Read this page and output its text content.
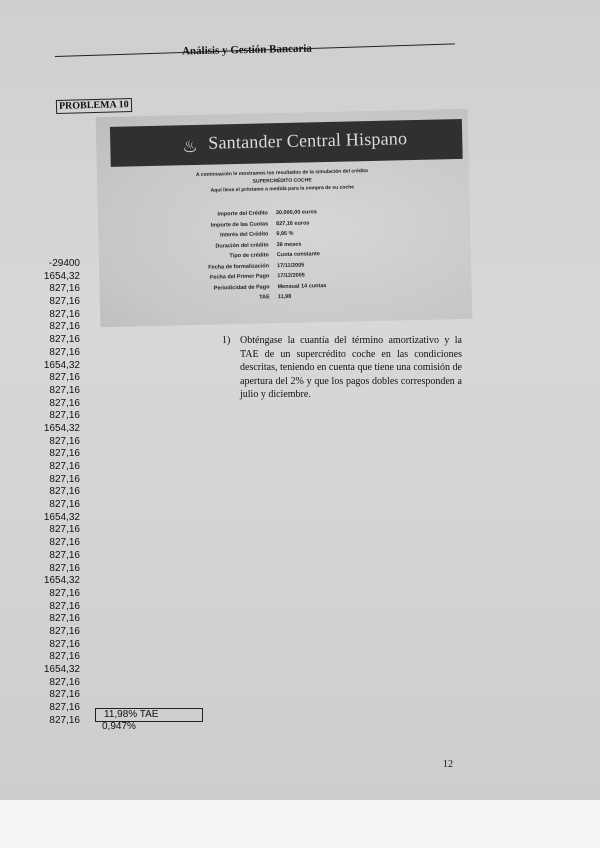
Análisis y Gestión Bancaria
PROBLEMA 10
♨ Santander Central Hispano
A continuación le mostramos los resultados de la simulación del crédito
SUPERCRÉDITO COCHE
Aquí lleva el préstamo a medida para la compra de su coche
Importe del Crédito 30.000,00 euros
Importe de las Cuotas 827,16 euros
Interés del Crédito 9,95 %
Duración del crédito 36 meses
Tipo de crédito Cuota constante
Fecha de formalización 17/11/2005
Fecha del Primer Pago 17/12/2005
Periodicidad de Pago Mensual 14 cuotas
TAE 11,98
-29400
1654,32
827,16
827,16
827,16
827,16
827,16
827,16
1654,32
827,16
827,16
827,16
827,16
1654,32
827,16
827,16
827,16
827,16
827,16
827,16
1654,32
827,16
827,16
827,16
827,16
1654,32
827,16
827,16
827,16
827,16
827,16
827,16
1654,32
827,16
827,16
827,16
827,16
11,98% TAE
0,947%
1) Obténgase la cuantía del término amortizativo y la TAE de un supercrédito coche en las condiciones descritas, teniendo en cuenta que tiene una comisión de apertura del 2% y que los pagos dobles corresponden a julio y diciembre.
12
